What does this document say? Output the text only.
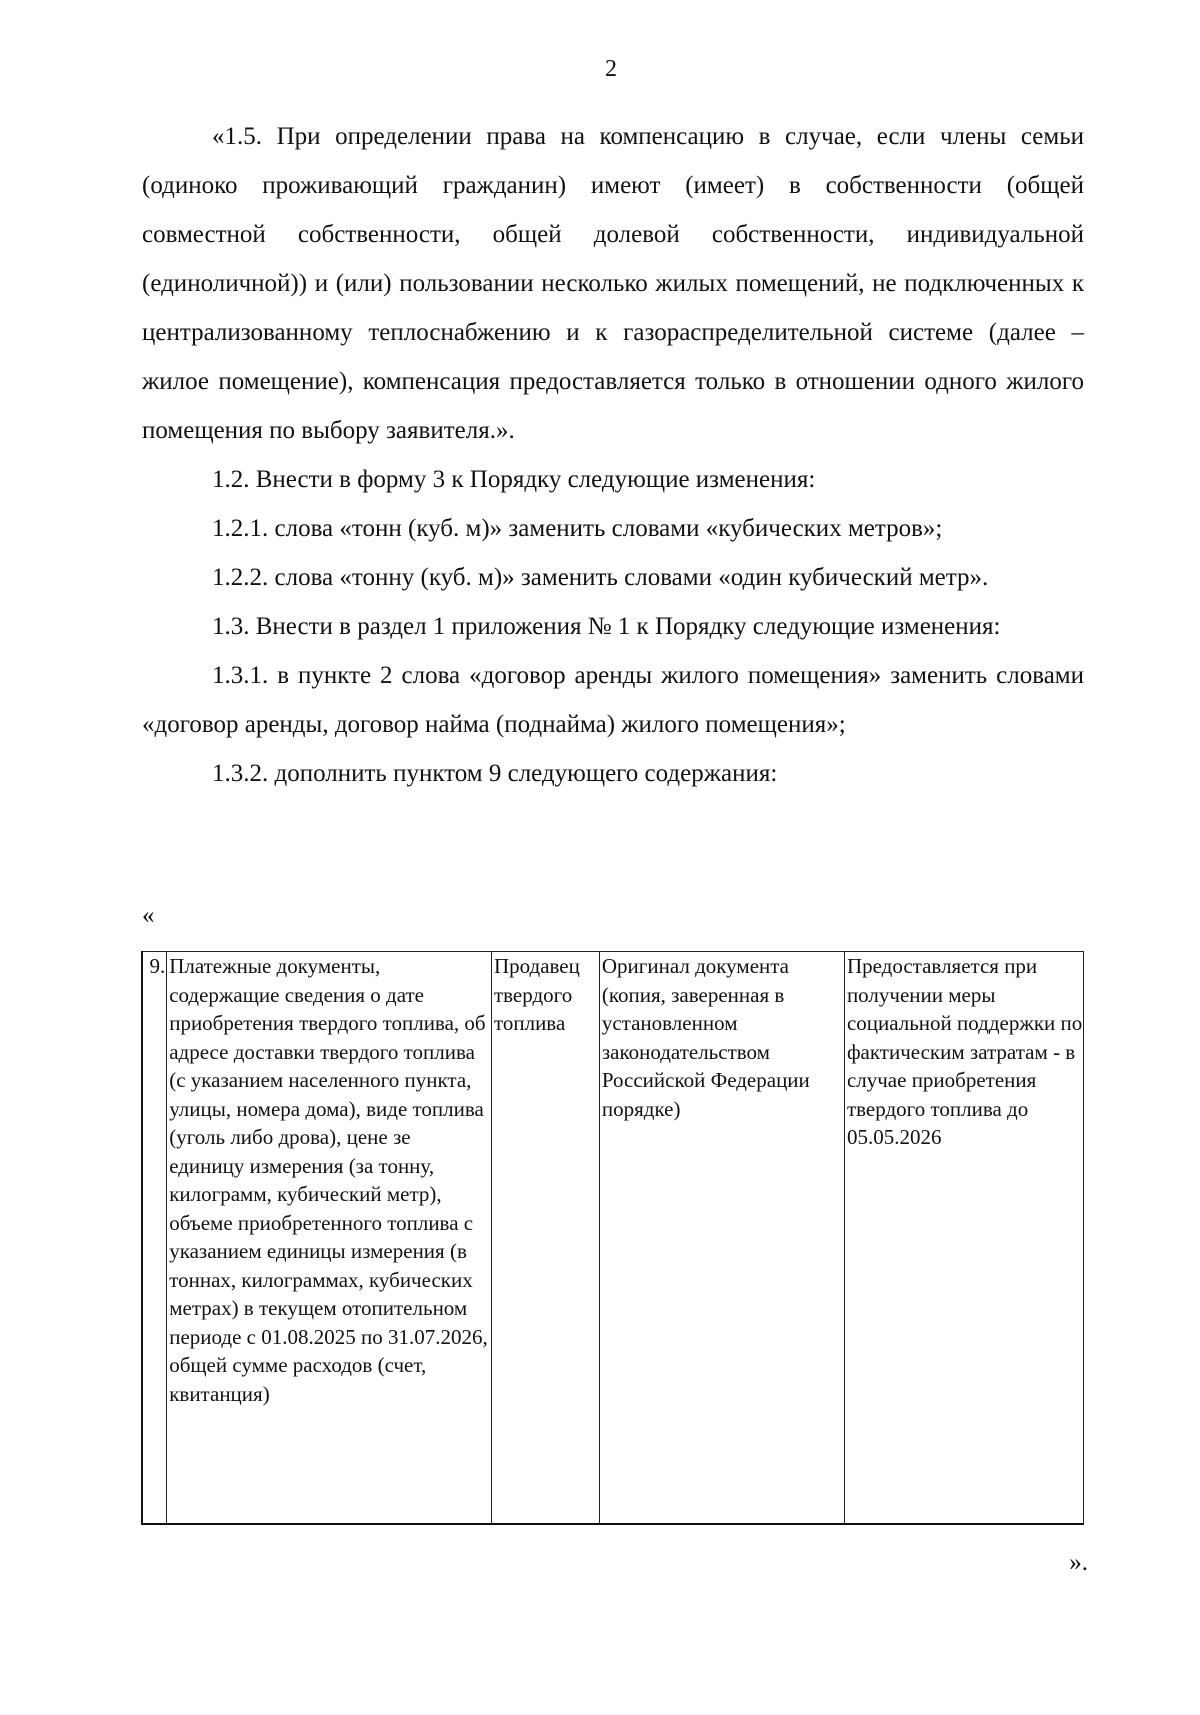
2

«1.5. При определении права на компенсацию в случае, если члены семьи (одиноко проживающий гражданин) имеют (имеет) в собственности (общей совместной собственности, общей долевой собственности, индивидуальной (единоличной)) и (или) пользовании несколько жилых помещений, не подключенных к централизованному теплоснабжению и к газораспределительной системе (далее – жилое помещение), компенсация предоставляется только в отношении одного жилого помещения по выбору заявителя.».

1.2. Внести в форму 3 к Порядку следующие изменения:

1.2.1. слова «тонн (куб. м)» заменить словами «кубических метров»;

1.2.2. слова «тонну (куб. м)» заменить словами «один кубический метр».

1.3. Внести в раздел 1 приложения № 1 к Порядку следующие изменения:

1.3.1. в пункте 2 слова «договор аренды жилого помещения» заменить словами «договор аренды, договор найма (поднайма) жилого помещения»;

1.3.2. дополнить пунктом 9 следующего содержания:

«
9.	Платежные документы, содержащие сведения о дате приобретения твердого топлива, об адресе доставки твердого топлива (с указанием населенного пункта, улицы, номера дома), виде топлива (уголь либо дрова), цене зе единицу измерения (за тонну, килограмм, кубический метр), объеме приобретенного топлива с указанием единицы измерения (в тоннах, килограммах, кубических метрах) в текущем отопительном периоде с 01.08.2025 по 31.07.2026, общей сумме расходов (счет, квитанция)	Продавец твердого топлива	Оригинал документа (копия, заверенная в установленном законодательством Российской Федерации порядке)	Предоставляется при получении меры социальной поддержки по фактическим затратам - в случае приобретения твердого топлива до 05.05.2026
».
